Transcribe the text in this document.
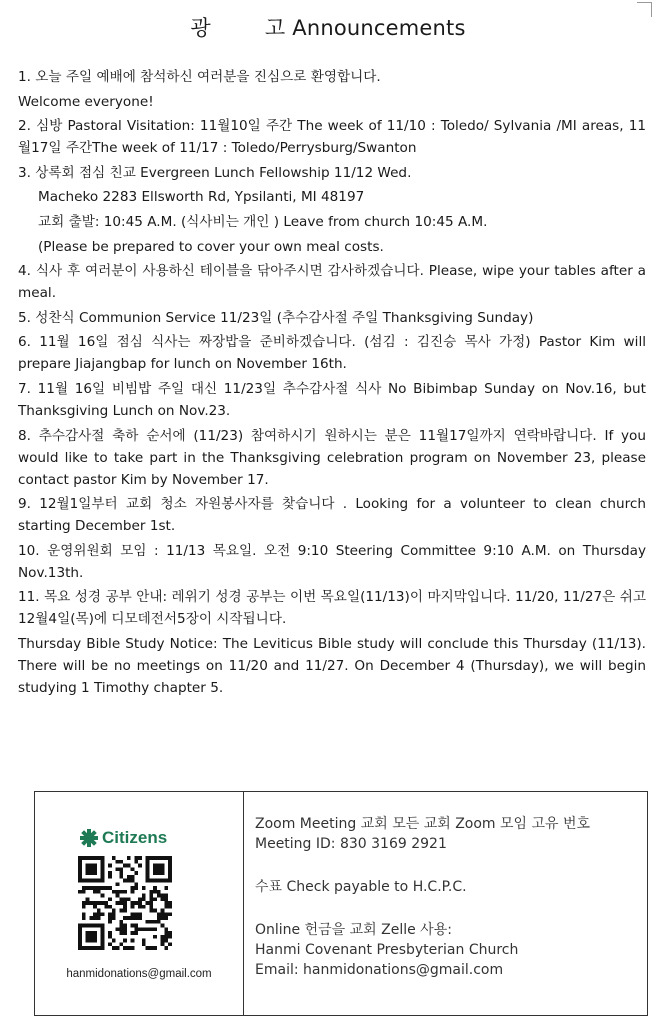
광	고 Announcements

1. 오늘 주일 예배에 참석하신 여러분을 진심으로 환영합니다.

Welcome everyone!

2. 심방 Pastoral Visitation: 11월10일 주간 The week of 11/10 : Toledo/ Sylvania /MI areas, 11월17일 주간The week of 11/17 : Toledo/Perrysburg/Swanton

3. 상록회 점심 친교 Evergreen Lunch Fellowship 11/12 Wed.

Macheko 2283 Ellsworth Rd, Ypsilanti, MI 48197

교회 출발: 10:45 A.M. (식사비는 개인 ) Leave from church 10:45 A.M.

(Please be prepared to cover your own meal costs.

4. 식사 후 여러분이 사용하신 테이블을 닦아주시면 감사하겠습니다. Please, wipe your tables after a meal.

5. 성찬식 Communion Service 11/23일 (추수감사절 주일 Thanksgiving Sunday)

6. 11월 16일 점심 식사는 짜장밥을 준비하겠습니다. (섬김 : 김진승 목사 가정) Pastor Kim will prepare Jiajangbap for lunch on November 16th.

7. 11월 16일 비빔밥 주일 대신 11/23일 추수감사절 식사 No Bibimbap Sunday on Nov.16, but Thanksgiving Lunch on Nov.23.

8. 추수감사절 축하 순서에 (11/23) 참여하시기 원하시는 분은 11월17일까지 연락바랍니다. If you would like to take part in the Thanksgiving celebration program on November 23, please contact pastor Kim by November 17.

9. 12월1일부터 교회 청소 자원봉사자를 찾습니다 . Looking for a volunteer to clean church starting December 1st.

10. 운영위원회 모임 : 11/13 목요일. 오전 9:10 Steering Committee 9:10 A.M. on Thursday Nov.13th.

11. 목요 성경 공부 안내: 레위기 성경 공부는 이번 목요일(11/13)이 마지막입니다. 11/20, 11/27은 쉬고 12월4일(목)에 디모데전서5장이 시작됩니다.

Thursday Bible Study Notice: The Leviticus Bible study will conclude this Thursday (11/13). There will be no meetings on 11/20 and 11/27. On December 4 (Thursday), we will begin studying 1 Timothy chapter 5.

Citizens
hanmidonations@gmail.com
Zoom Meeting 교회 모든 교회 Zoom 모임 고유 번호
Meeting ID: 830 3169 2921
수표 Check payable to H.C.P.C.
Online 헌금을 교회 Zelle 사용:
Hanmi Covenant Presbyterian Church
Email: hanmidonations@gmail.com
